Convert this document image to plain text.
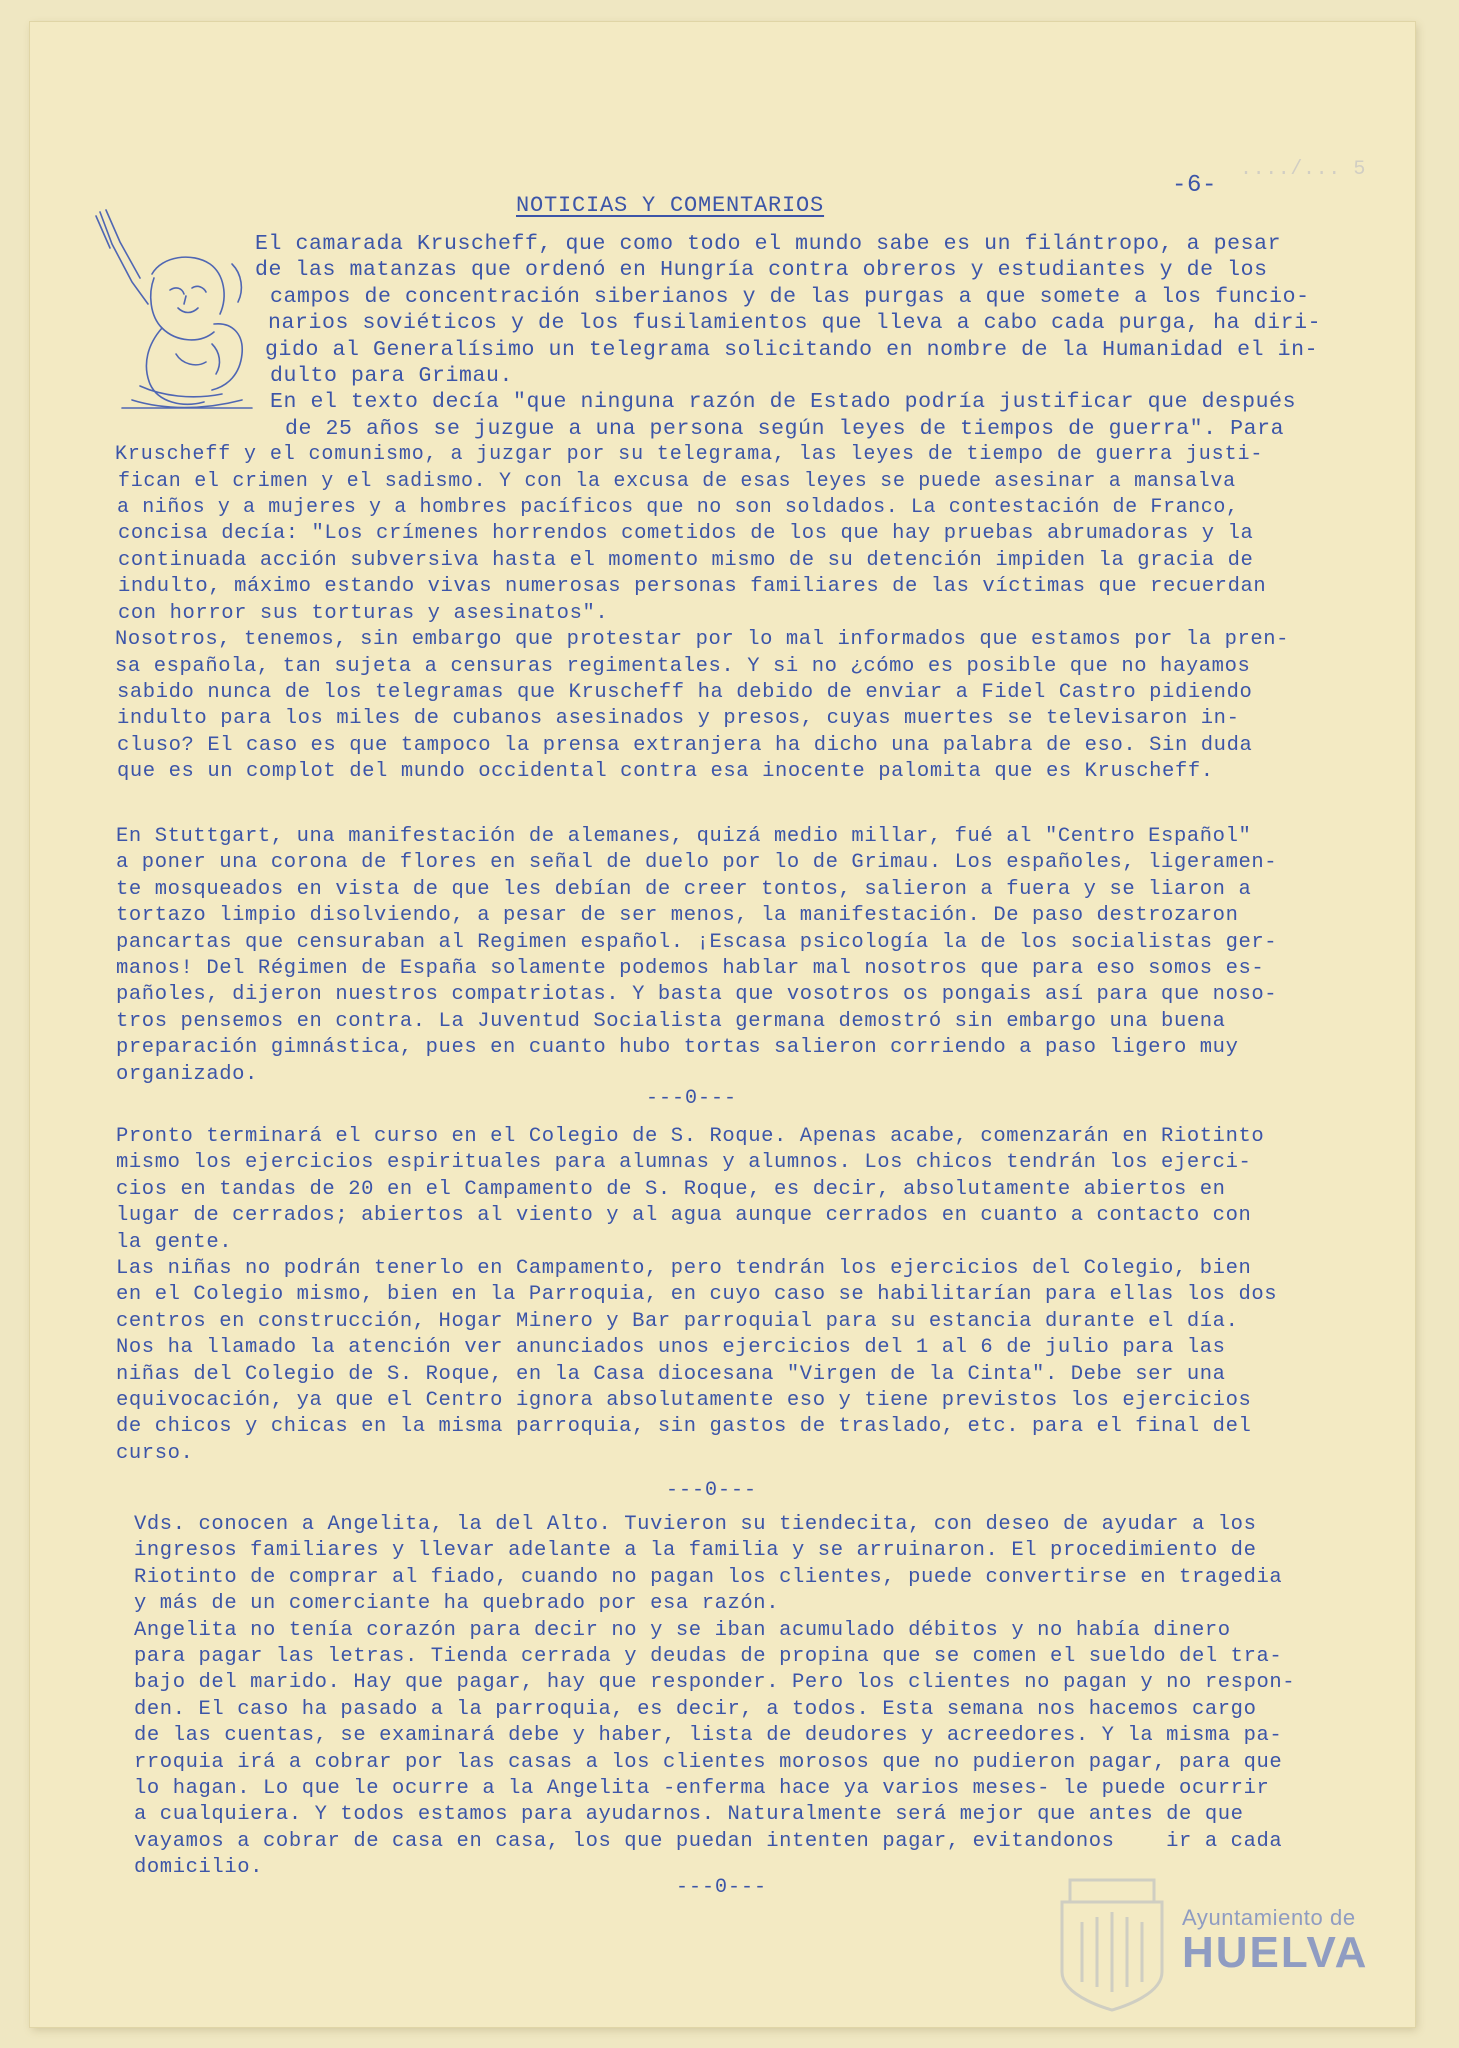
..../... 5
NOTICIAS Y COMENTARIOS
-6-
El camarada Kruscheff, que como todo el mundo sabe es un filántropo, a pesar
de las matanzas que ordenó en Hungría contra obreros y estudiantes y de los
campos de concentración siberianos y de las purgas a que somete a los funcio-
narios soviéticos y de los fusilamientos que lleva a cabo cada purga, ha diri-
gido al Generalísimo un telegrama solicitando en nombre de la Humanidad el in-
dulto para Grimau.
En el texto decía "que ninguna razón de Estado podría justificar que después
de 25 años se juzgue a una persona según leyes de tiempos de guerra". Para
Kruscheff y el comunismo, a juzgar por su telegrama, las leyes de tiempo de guerra justi-
fican el crimen y el sadismo. Y con la excusa de esas leyes se puede asesinar a mansalva
a niños y a mujeres y a hombres pacíficos que no son soldados. La contestación de Franco,
concisa decía: "Los crímenes horrendos cometidos de los que hay pruebas abrumadoras y la
continuada acción subversiva hasta el momento mismo de su detención impiden la gracia de
indulto, máximo estando vivas numerosas personas familiares de las víctimas que recuerdan
con horror sus torturas y asesinatos".
Nosotros, tenemos, sin embargo que protestar por lo mal informados que estamos por la pren-
sa española, tan sujeta a censuras regimentales. Y si no ¿cómo es posible que no hayamos
sabido nunca de los telegramas que Kruscheff ha debido de enviar a Fidel Castro pidiendo
indulto para los miles de cubanos asesinados y presos, cuyas muertes se televisaron in-
cluso? El caso es que tampoco la prensa extranjera ha dicho una palabra de eso. Sin duda
que es un complot del mundo occidental contra esa inocente palomita que es Kruscheff.
En Stuttgart, una manifestación de alemanes, quizá medio millar, fué al "Centro Español"
a poner una corona de flores en señal de duelo por lo de Grimau. Los españoles, ligeramen-
te mosqueados en vista de que les debían de creer tontos, salieron a fuera y se liaron a
tortazo limpio disolviendo, a pesar de ser menos, la manifestación. De paso destrozaron
pancartas que censuraban al Regimen español. ¡Escasa psicología la de los socialistas ger-
manos! Del Régimen de España solamente podemos hablar mal nosotros que para eso somos es-
pañoles, dijeron nuestros compatriotas. Y basta que vosotros os pongais así para que noso-
tros pensemos en contra. La Juventud Socialista germana demostró sin embargo una buena
preparación gimnástica, pues en cuanto hubo tortas salieron corriendo a paso ligero muy
organizado.
---0---
Pronto terminará el curso en el Colegio de S. Roque. Apenas acabe, comenzarán en Riotinto
mismo los ejercicios espirituales para alumnas y alumnos. Los chicos tendrán los ejerci-
cios en tandas de 20 en el Campamento de S. Roque, es decir, absolutamente abiertos en
lugar de cerrados; abiertos al viento y al agua aunque cerrados en cuanto a contacto con
la gente.
Las niñas no podrán tenerlo en Campamento, pero tendrán los ejercicios del Colegio, bien
en el Colegio mismo, bien en la Parroquia, en cuyo caso se habilitarían para ellas los dos
centros en construcción, Hogar Minero y Bar parroquial para su estancia durante el día.
Nos ha llamado la atención ver anunciados unos ejercicios del 1 al 6 de julio para las
niñas del Colegio de S. Roque, en la Casa diocesana "Virgen de la Cinta". Debe ser una
equivocación, ya que el Centro ignora absolutamente eso y tiene previstos los ejercicios
de chicos y chicas en la misma parroquia, sin gastos de traslado, etc. para el final del
curso.
---0---
Vds. conocen a Angelita, la del Alto. Tuvieron su tiendecita, con deseo de ayudar a los
ingresos familiares y llevar adelante a la familia y se arruinaron. El procedimiento de
Riotinto de comprar al fiado, cuando no pagan los clientes, puede convertirse en tragedia
y más de un comerciante ha quebrado por esa razón.
Angelita no tenía corazón para decir no y se iban acumulado débitos y no había dinero
para pagar las letras. Tienda cerrada y deudas de propina que se comen el sueldo del tra-
bajo del marido. Hay que pagar, hay que responder. Pero los clientes no pagan y no respon-
den. El caso ha pasado a la parroquia, es decir, a todos. Esta semana nos hacemos cargo
de las cuentas, se examinará debe y haber, lista de deudores y acreedores. Y la misma pa-
rroquia irá a cobrar por las casas a los clientes morosos que no pudieron pagar, para que
lo hagan. Lo que le ocurre a la Angelita -enferma hace ya varios meses- le puede ocurrir
a cualquiera. Y todos estamos para ayudarnos. Naturalmente será mejor que antes de que
vayamos a cobrar de casa en casa, los que puedan intenten pagar, evitandonos    ir a cada
domicilio.
---0---
Ayuntamiento de
HUELVA
